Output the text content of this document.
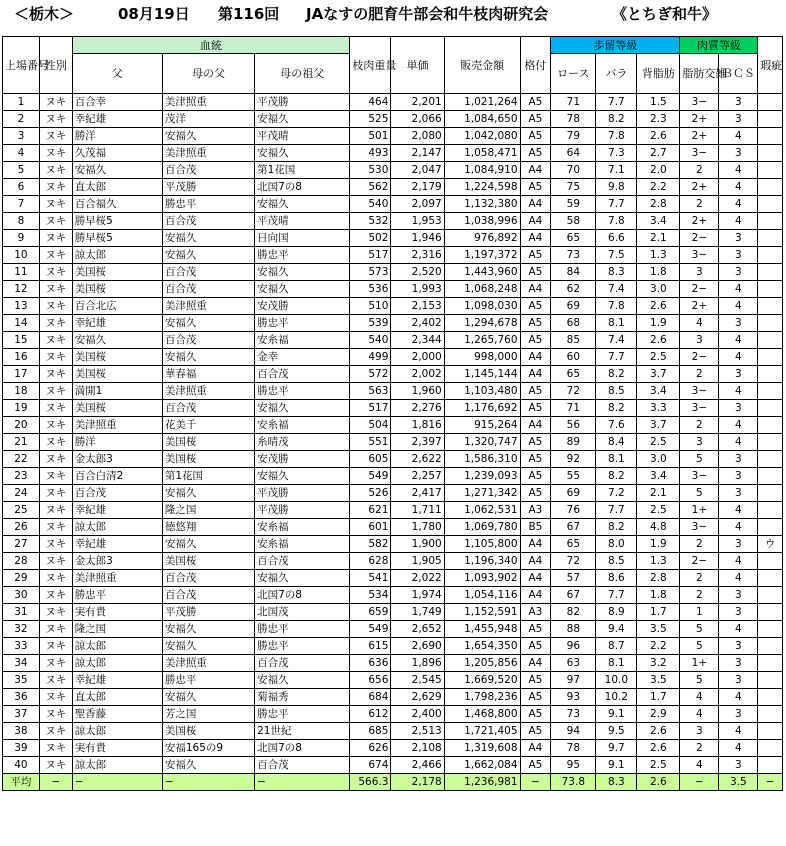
＜栃木＞	08月19日 第116回 JAなすの肥育牛部会和牛枝肉研究会	《とちぎ和牛》
上場番号	性別	血統			枝肉重量	単価	販売金額	格付	歩留等級			肉質等級		瑕疵
		父	母の父	母の祖父					ロース	バラ	背脂肪	脂肪交雑	ＢＣＳ	
1	ヌキ	百合幸	美津照重	平茂勝	464	2,201	1,021,264	A5	71	7.7	1.5	3−	3	
2	ヌキ	幸紀雄	茂洋	安福久	525	2,066	1,084,650	A5	78	8.2	2.3	2+	3	
3	ヌキ	勝洋	安福久	平茂晴	501	2,080	1,042,080	A5	79	7.8	2.6	2+	4	
4	ヌキ	久茂福	美津照重	安福久	493	2,147	1,058,471	A5	64	7.3	2.7	3−	3	
5	ヌキ	安福久	百合茂	第1花国	530	2,047	1,084,910	A4	70	7.1	2.0	2	4	
6	ヌキ	直太郎	平茂勝	北国7の8	562	2,179	1,224,598	A5	75	9.8	2.2	2+	4	
7	ヌキ	百合福久	勝忠平	安福久	540	2,097	1,132,380	A4	59	7.7	2.8	2	4	
8	ヌキ	勝早桜5	百合茂	平茂晴	532	1,953	1,038,996	A4	58	7.8	3.4	2+	4	
9	ヌキ	勝早桜5	安福久	日向国	502	1,946	976,892	A4	65	6.6	2.1	2−	3	
10	ヌキ	諒太郎	安福久	勝忠平	517	2,316	1,197,372	A5	73	7.5	1.3	3−	3	
11	ヌキ	美国桜	百合茂	安福久	573	2,520	1,443,960	A5	84	8.3	1.8	3	3	
12	ヌキ	美国桜	百合茂	安福久	536	1,993	1,068,248	A4	62	7.4	3.0	2−	4	
13	ヌキ	百合北広	美津照重	安茂勝	510	2,153	1,098,030	A5	69	7.8	2.6	2+	4	
14	ヌキ	幸紀雄	安福久	勝忠平	539	2,402	1,294,678	A5	68	8.1	1.9	4	3	
15	ヌキ	安福久	百合茂	安糸福	540	2,344	1,265,760	A5	85	7.4	2.6	3	4	
16	ヌキ	美国桜	安福久	金幸	499	2,000	998,000	A4	60	7.7	2.5	2−	4	
17	ヌキ	美国桜	華春福	百合茂	572	2,002	1,145,144	A4	65	8.2	3.7	2	3	
18	ヌキ	満開1	美津照重	勝忠平	563	1,960	1,103,480	A5	72	8.5	3.4	3−	4	
19	ヌキ	美国桜	百合茂	安福久	517	2,276	1,176,692	A5	71	8.2	3.3	3−	3	
20	ヌキ	美津照重	花美千	安糸福	504	1,816	915,264	A4	56	7.6	3.7	2	4	
21	ヌキ	勝洋	美国桜	糸晴茂	551	2,397	1,320,747	A5	89	8.4	2.5	3	4	
22	ヌキ	金太郎3	美国桜	安茂勝	605	2,622	1,586,310	A5	92	8.1	3.0	5	3	
23	ヌキ	百合白清2	第1花国	安福久	549	2,257	1,239,093	A5	55	8.2	3.4	3−	3	
24	ヌキ	百合茂	安福久	平茂勝	526	2,417	1,271,342	A5	69	7.2	2.1	5	3	
25	ヌキ	幸紀雄	隆之国	平茂勝	621	1,711	1,062,531	A3	76	7.7	2.5	1+	4	
26	ヌキ	諒太郎	徳悠翔	安糸福	601	1,780	1,069,780	B5	67	8.2	4.8	3−	4	
27	ヌキ	幸紀雄	安福久	安糸福	582	1,900	1,105,800	A4	65	8.0	1.9	2	3	ウ
28	ヌキ	金太郎3	美国桜	百合茂	628	1,905	1,196,340	A4	72	8.5	1.3	2−	4	
29	ヌキ	美津照重	百合茂	安福久	541	2,022	1,093,902	A4	57	8.6	2.8	2	4	
30	ヌキ	勝忠平	百合茂	北国7の8	534	1,974	1,054,116	A4	67	7.7	1.8	2	3	
31	ヌキ	実有貴	平茂勝	北国茂	659	1,749	1,152,591	A3	82	8.9	1.7	1	3	
32	ヌキ	隆之国	安福久	勝忠平	549	2,652	1,455,948	A5	88	9.4	3.5	5	4	
33	ヌキ	諒太郎	安福久	勝忠平	615	2,690	1,654,350	A5	96	8.7	2.2	5	3	
34	ヌキ	諒太郎	美津照重	百合茂	636	1,896	1,205,856	A4	63	8.1	3.2	1+	3	
35	ヌキ	幸紀雄	勝忠平	安福久	656	2,545	1,669,520	A5	97	10.0	3.5	5	3	
36	ヌキ	直太郎	安福久	菊福秀	684	2,629	1,798,236	A5	93	10.2	1.7	4	4	
37	ヌキ	聖香藤	芳之国	勝忠平	612	2,400	1,468,800	A5	73	9.1	2.9	4	3	
38	ヌキ	諒太郎	美国桜	21世紀	685	2,513	1,721,405	A5	94	9.5	2.6	3	4	
39	ヌキ	実有貴	安福165の9	北国7の8	626	2,108	1,319,608	A4	78	9.7	2.6	2	4	
40	ヌキ	諒太郎	安福久	百合茂	674	2,466	1,662,084	A5	95	9.1	2.5	4	3	
平均	−	−	−	−	566.3	2,178	1,236,981	−	73.8	8.3	2.6	−	3.5	−
